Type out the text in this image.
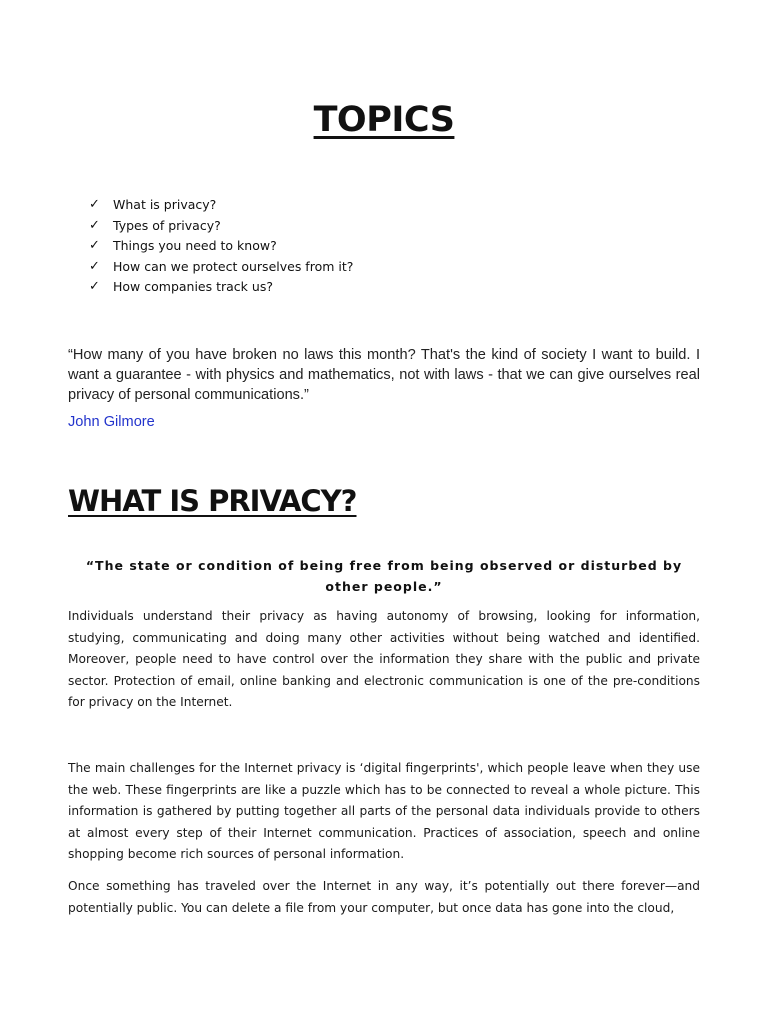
TOPICS
✓	What is privacy?
✓	Types of privacy?
✓	Things you need to know?
✓	How can we protect ourselves from it?
✓	How companies track us?

“How many of you have broken no laws this month? That's the kind of society I want to build. I want a guarantee - with physics and mathematics, not with laws - that we can give ourselves real privacy of personal communications.”

John Gilmore
WHAT IS PRIVACY?

“The state or condition of being free from being observed or disturbed by other people.”

Individuals understand their privacy as having autonomy of browsing, looking for information, studying, communicating and doing many other activities without being watched and identified. Moreover, people need to have control over the information they share with the public and private sector. Protection of email, online banking and electronic communication is one of the pre-conditions for privacy on the Internet.

The main challenges for the Internet privacy is ‘digital fingerprints', which people leave when they use the web. These fingerprints are like a puzzle which has to be connected to reveal a whole picture. This information is gathered by putting together all parts of the personal data individuals provide to others at almost every step of their Internet communication. Practices of association, speech and online shopping become rich sources of personal information.

Once something has traveled over the Internet in any way, it’s potentially out there forever—and potentially public. You can delete a file from your computer, but once data has gone into the cloud,
